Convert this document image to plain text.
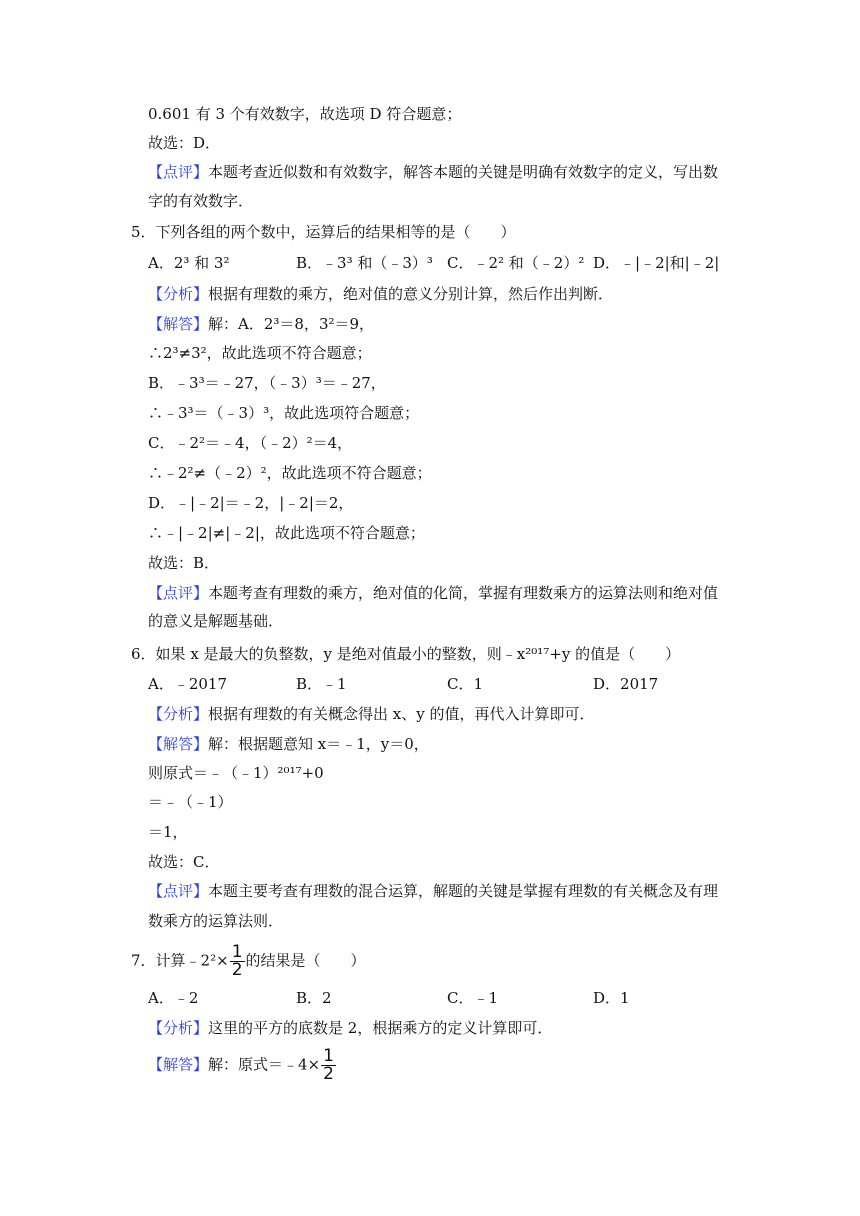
0.601 有 3 个有效数字，故选项 D 符合题意；
故选：D．
【点评】本题考查近似数和有效数字，解答本题的关键是明确有效数字的定义，写出数
字的有效数字．
5．下列各组的两个数中，运算后的结果相等的是（　　）
A．2³ 和 3²	B．﹣3³ 和（﹣3）³ C．﹣2² 和（﹣2）² D．﹣|﹣2|和|﹣2|
【分析】根据有理数的乘方，绝对值的意义分别计算，然后作出判断．
【解答】解：A．2³＝8，3²＝9，
∴2³≠3²，故此选项不符合题意；
B．﹣3³＝﹣27，（﹣3）³＝﹣27，
∴﹣3³＝（﹣3）³，故此选项符合题意；
C．﹣2²＝﹣4，（﹣2）²＝4，
∴﹣2²≠（﹣2）²，故此选项不符合题意；
D．﹣|﹣2|＝﹣2，|﹣2|＝2，
∴﹣|﹣2|≠|﹣2|，故此选项不符合题意；
故选：B．
【点评】本题考查有理数的乘方，绝对值的化简，掌握有理数乘方的运算法则和绝对值
的意义是解题基础．
6．如果 x 是最大的负整数，y 是绝对值最小的整数，则﹣x²⁰¹⁷+y 的值是（　　）
A．﹣2017	B．﹣1	C．1	D．2017
【分析】根据有理数的有关概念得出 x、y 的值，再代入计算即可．
【解答】解：根据题意知 x＝﹣1，y＝0，
则原式＝﹣（﹣1）²⁰¹⁷+0
＝﹣（﹣1）
＝1，
故选：C．
【点评】本题主要考查有理数的混合运算，解题的关键是掌握有理数的有关概念及有理
数乘方的运算法则．
7．计算﹣2²× $\frac{1}{2}$ 的结果是（　　）
A．﹣2	B．2	C．﹣1	D．1
【分析】这里的平方的底数是 2，根据乘方的定义计算即可．
【解答】解：原式＝﹣4× $\frac{1}{2}$
